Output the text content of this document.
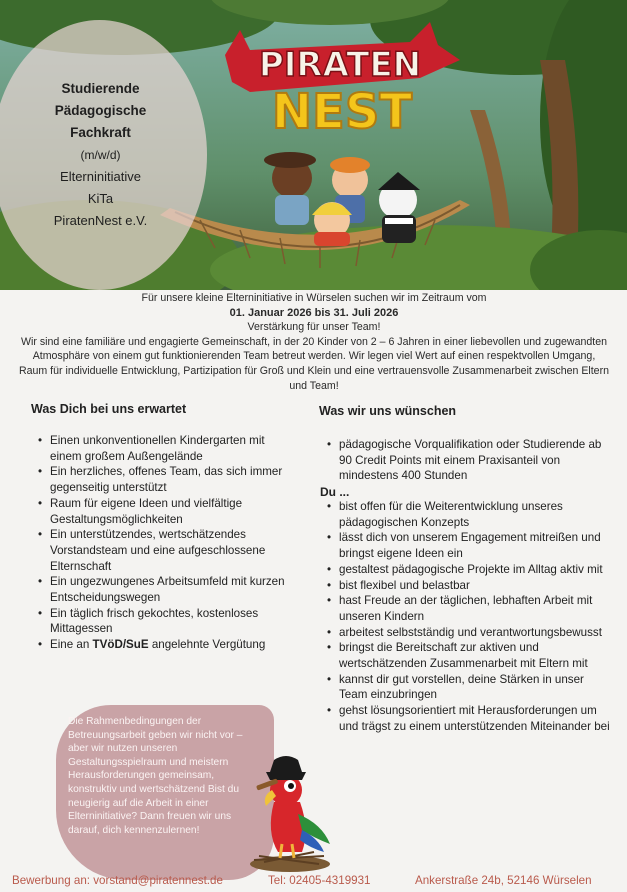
PIRATEN
NEST
Studierende
Pädagogische
Fachkraft
(m/w/d)
Elterninitiative
KiTa
PiratenNest e.V.
Für unsere kleine Elterninitiative in Würselen suchen wir im Zeitraum vom
01. Januar 2026 bis 31. Juli 2026
Verstärkung für unser Team!
Wir sind eine familiäre und engagierte Gemeinschaft, in der 20 Kinder von 2 – 6 Jahren in einer liebevollen und zugewandten Atmosphäre von einem gut funktionierenden Team betreut werden. Wir legen viel Wert auf einen respektvollen Umgang, Raum für individuelle Entwicklung, Partizipation für Groß und Klein und eine vertrauensvolle Zusammenarbeit zwischen Eltern und Team!
Was Dich bei uns erwartet
• Einen unkonventionellen Kindergarten mit einem großem Außengelände
• Ein herzliches, offenes Team, das sich immer gegenseitig unterstützt
• Raum für eigene Ideen und vielfältige Gestaltungsmöglichkeiten
• Ein unterstützendes, wertschätzendes Vorstandsteam und eine aufgeschlossene Elternschaft
• Ein ungezwungenes Arbeitsumfeld mit kurzen Entscheidungswegen
• Ein täglich frisch gekochtes, kostenloses Mittagessen
• Eine an TVöD/SuE angelehnte Vergütung
Was wir uns wünschen
• pädagogische Vorqualifikation oder Studierende ab 90 Credit Points mit einem Praxisanteil von mindestens 400 Stunden
Du ...
• bist offen für die Weiterentwicklung unseres pädagogischen Konzepts
• lässt dich von unserem Engagement mitreißen und bringst eigene Ideen ein
• gestaltest pädagogische Projekte im Alltag aktiv mit
• bist flexibel und belastbar
• hast Freude an der täglichen, lebhaften Arbeit mit unseren Kindern
• arbeitest selbstständig und verantwortungsbewusst
• bringst die Bereitschaft zur aktiven und wertschätzenden Zusammenarbeit mit Eltern mit
• kannst dir gut vorstellen, deine Stärken in unser Team einzubringen
• gehst lösungsorientiert mit Herausforderungen um und trägst zu einem unterstützenden Miteinander bei
Die Rahmenbedingungen der Betreuungsarbeit geben wir nicht vor – aber wir nutzen unseren Gestaltungsspielraum und meistern Herausforderungen gemeinsam, konstruktiv und wertschätzend Bist du neugierig auf die Arbeit in einer Elterninitiative? Dann freuen wir uns darauf, dich kennenzulernen!
Bewerbung an: vorstand@piratennest.de	Tel: 02405-4319931	Ankerstraße 24b, 52146 Würselen
